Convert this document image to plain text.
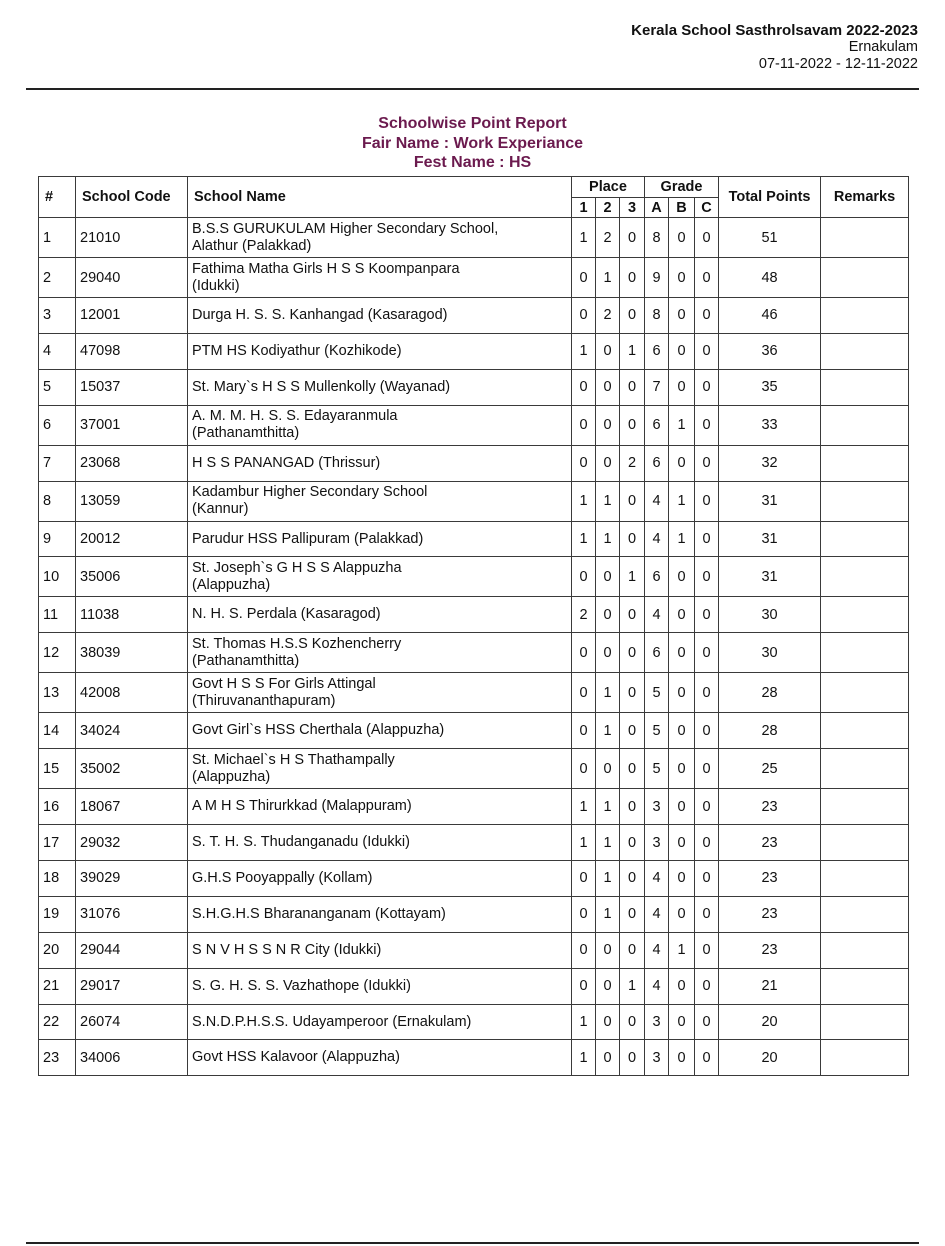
Kerala School Sasthrolsavam 2022-2023
Ernakulam
07-11-2022 - 12-11-2022
Schoolwise Point Report
Fair Name : Work Experiance
Fest Name : HS
#	School Code	School Name	Place			Grade			Total Points	Remarks
			1	2	3	A	B	C		
1	21010	B.S.S GURUKULAM Higher Secondary School,
Alathur (Palakkad)	1	2	0	8	0	0	51	
2	29040	Fathima Matha Girls H S S Koompanpara
(Idukki)	0	1	0	9	0	0	48	
3	12001	Durga H. S. S. Kanhangad (Kasaragod)	0	2	0	8	0	0	46	
4	47098	PTM HS Kodiyathur (Kozhikode)	1	0	1	6	0	0	36	
5	15037	St. Mary`s H S S Mullenkolly (Wayanad)	0	0	0	7	0	0	35	
6	37001	A. M. M. H. S. S. Edayaranmula
(Pathanamthitta)	0	0	0	6	1	0	33	
7	23068	H S S PANANGAD (Thrissur)	0	0	2	6	0	0	32	
8	13059	Kadambur Higher Secondary School
(Kannur)	1	1	0	4	1	0	31	
9	20012	Parudur HSS Pallipuram (Palakkad)	1	1	0	4	1	0	31	
10	35006	St. Joseph`s G H S S Alappuzha
(Alappuzha)	0	0	1	6	0	0	31	
11	11038	N. H. S. Perdala (Kasaragod)	2	0	0	4	0	0	30	
12	38039	St. Thomas H.S.S Kozhencherry
(Pathanamthitta)	0	0	0	6	0	0	30	
13	42008	Govt H S S For Girls Attingal
(Thiruvananthapuram)	0	1	0	5	0	0	28	
14	34024	Govt Girl`s HSS Cherthala (Alappuzha)	0	1	0	5	0	0	28	
15	35002	St. Michael`s H S Thathampally
(Alappuzha)	0	0	0	5	0	0	25	
16	18067	A M H S Thirurkkad (Malappuram)	1	1	0	3	0	0	23	
17	29032	S. T. H. S. Thudanganadu (Idukki)	1	1	0	3	0	0	23	
18	39029	G.H.S Pooyappally (Kollam)	0	1	0	4	0	0	23	
19	31076	S.H.G.H.S Bharananganam (Kottayam)	0	1	0	4	0	0	23	
20	29044	S N V H S S N R City (Idukki)	0	0	0	4	1	0	23	
21	29017	S. G. H. S. S. Vazhathope (Idukki)	0	0	1	4	0	0	21	
22	26074	S.N.D.P.H.S.S. Udayamperoor (Ernakulam)	1	0	0	3	0	0	20	
23	34006	Govt HSS Kalavoor (Alappuzha)	1	0	0	3	0	0	20	
